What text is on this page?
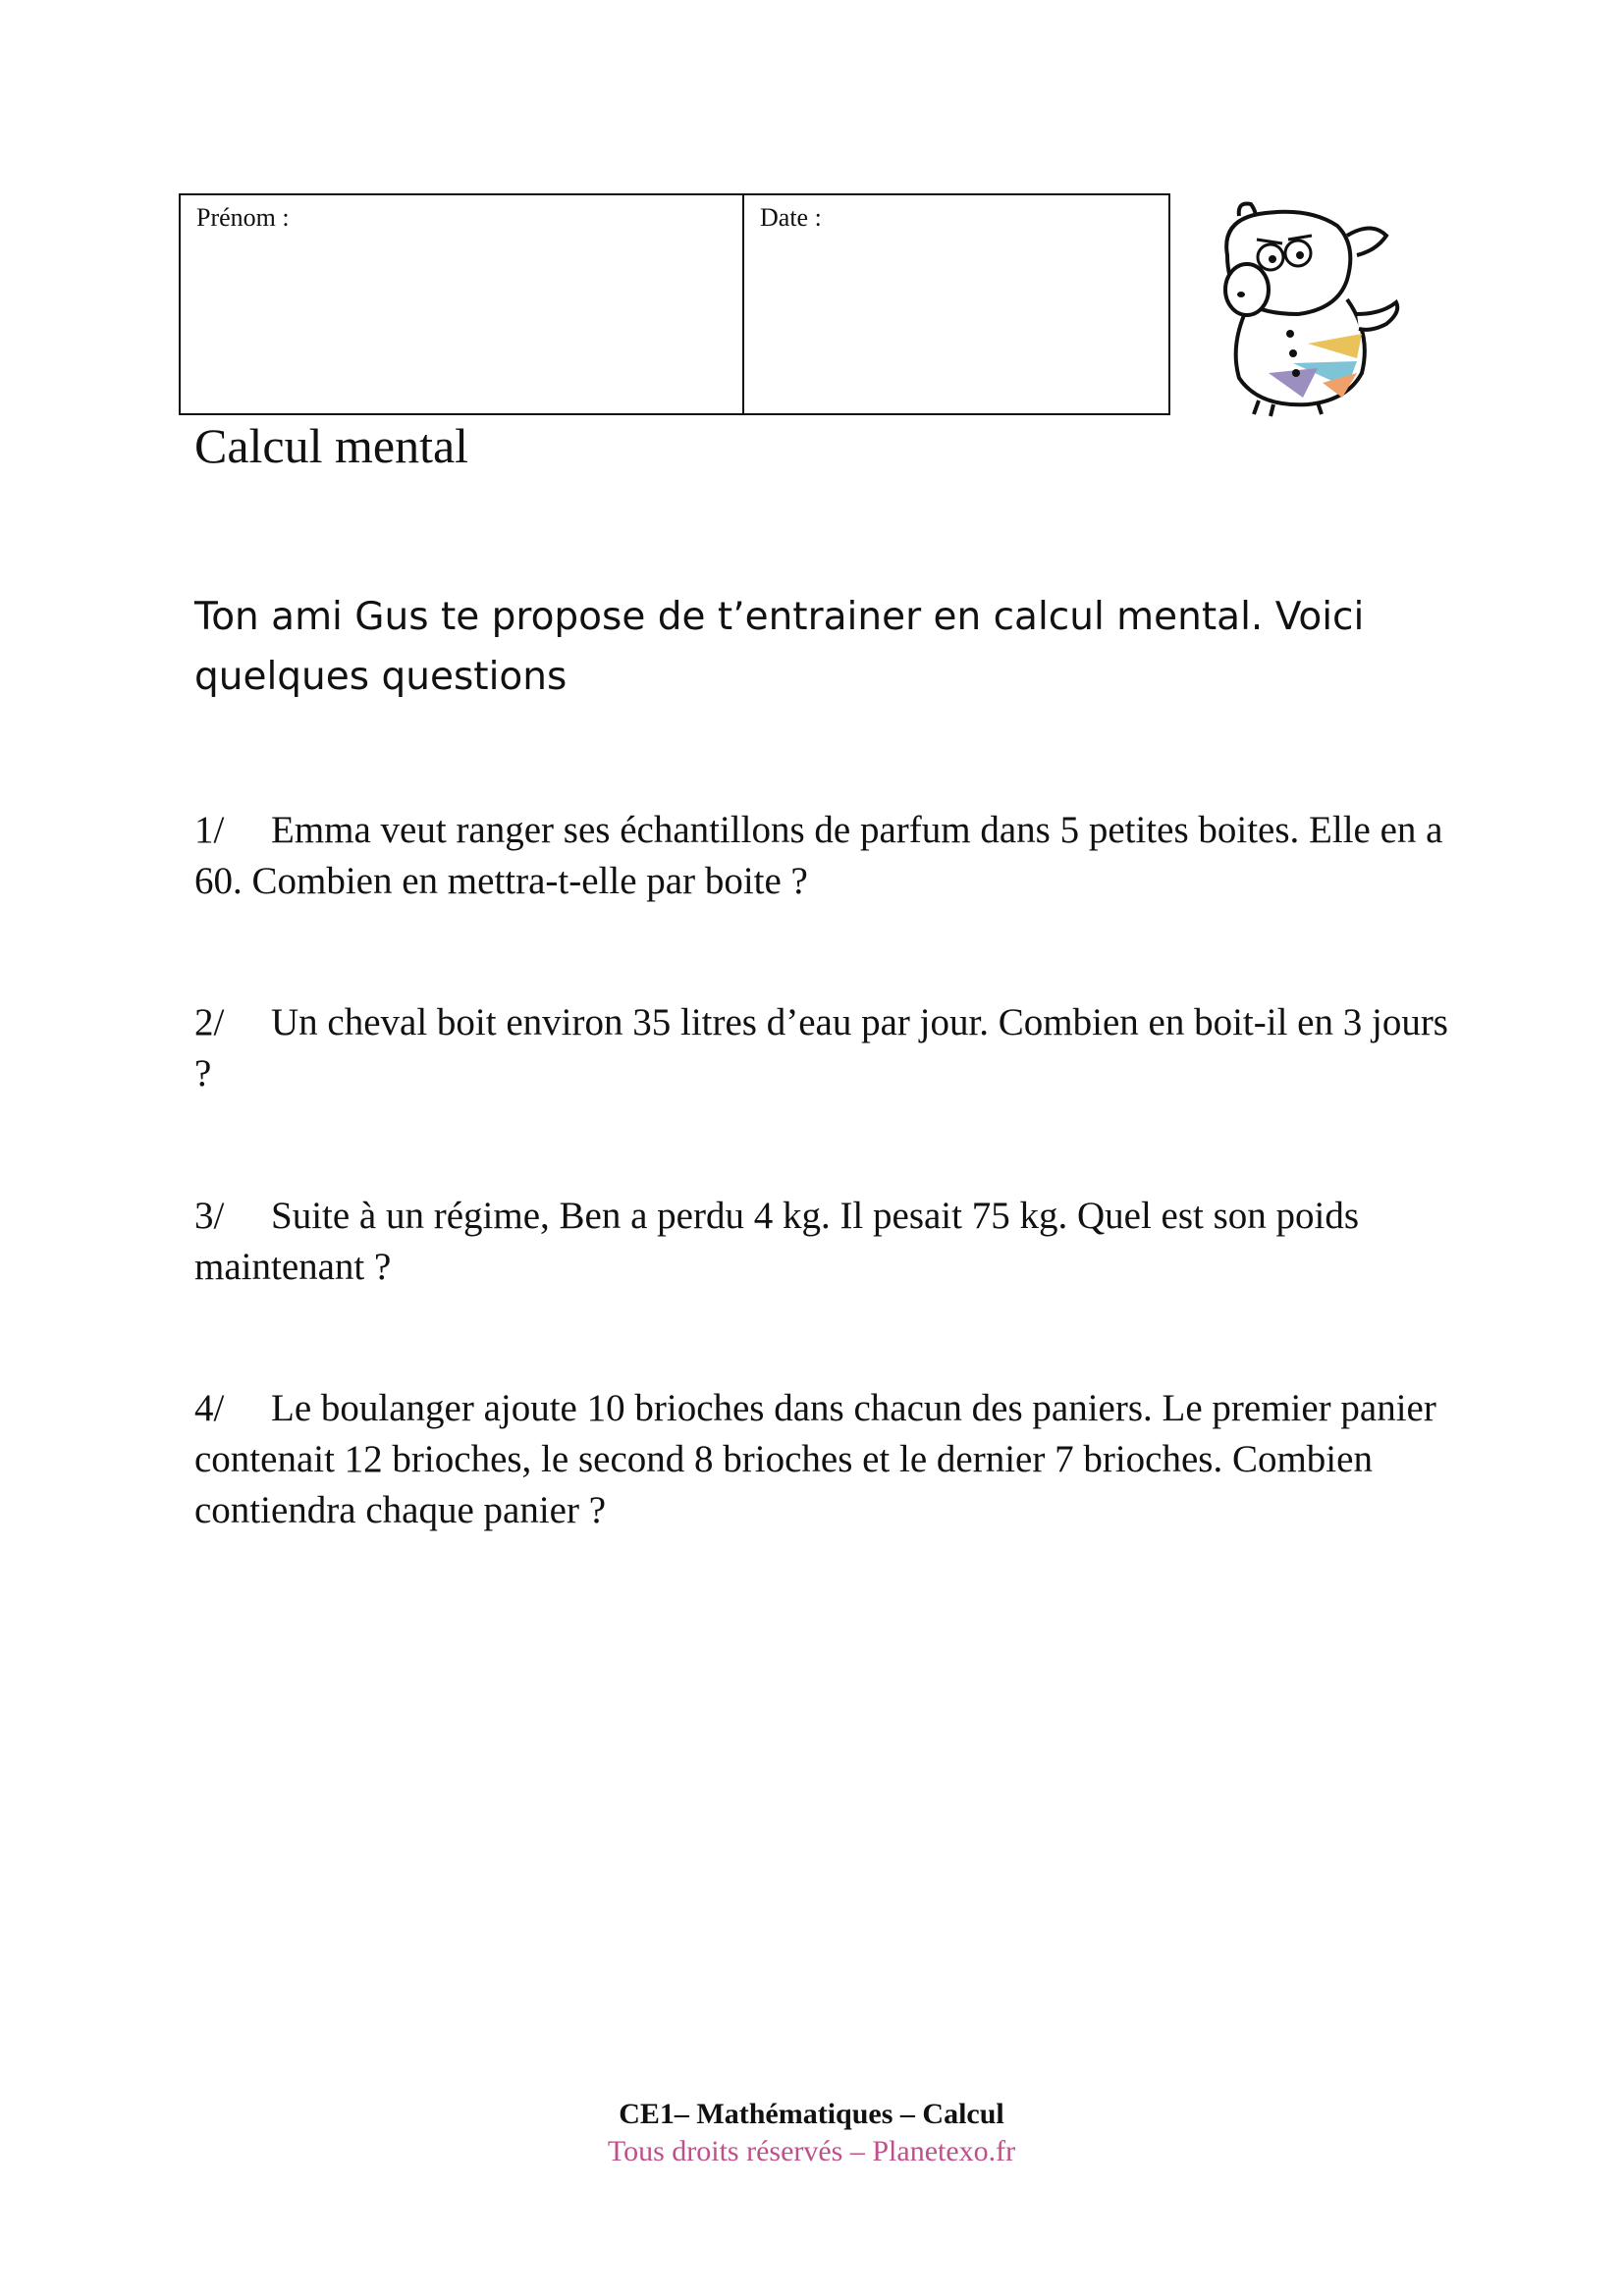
Prénom :	Date :
Calcul mental
Ton ami Gus te propose de t’entrainer en calcul mental. Voici quelques questions
1/ Emma veut ranger ses échantillons de parfum dans 5 petites boites. Elle en a 60. Combien en mettra-t-elle par boite ?
2/ Un cheval boit environ 35 litres d’eau par jour. Combien en boit-il en 3 jours ?
3/ Suite à un régime, Ben a perdu 4 kg. Il pesait 75 kg. Quel est son poids maintenant ?
4/ Le boulanger ajoute 10 brioches dans chacun des paniers. Le premier panier contenait 12 brioches, le second 8 brioches et le dernier 7 brioches. Combien contiendra chaque panier ?
CE1– Mathématiques – Calcul
Tous droits réservés – Planetexo.fr
